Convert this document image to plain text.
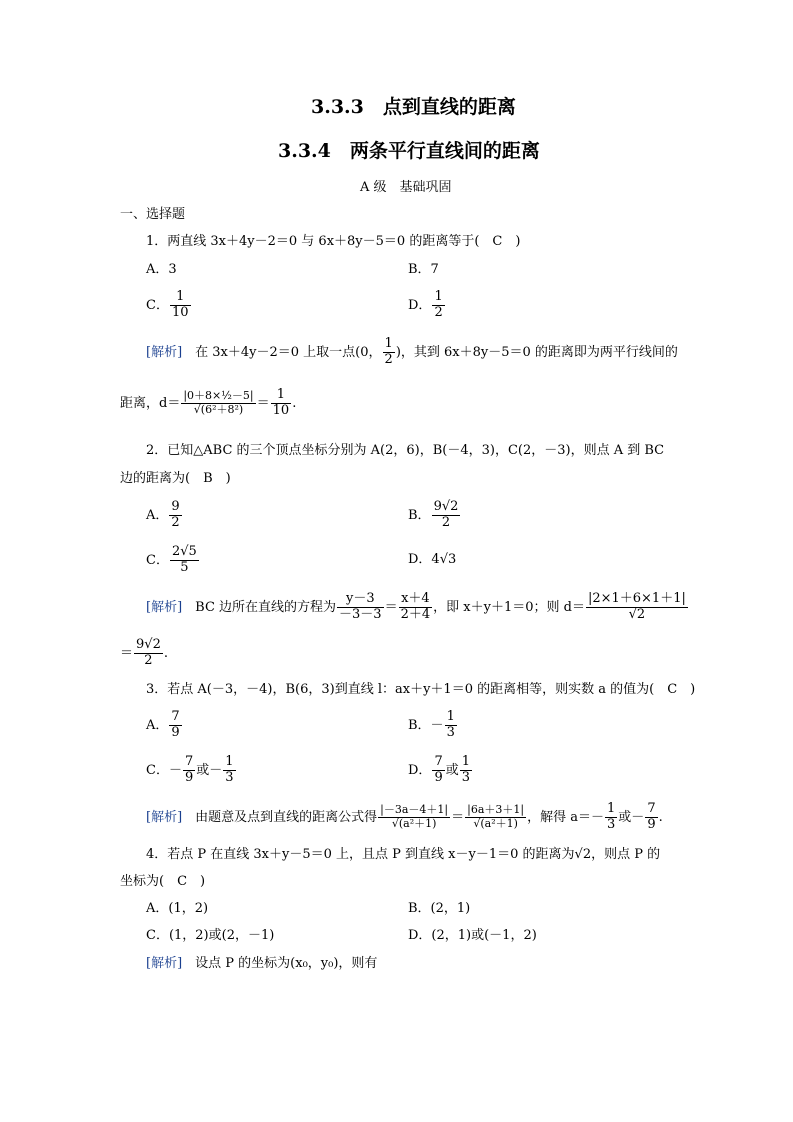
3.3.3　 点到直线的距离
3.3.4　 两条平行直线间的距离
A 级　基础巩固
一、选择题
1．两直线 3x＋4y－2＝0 与 6x＋8y－5＝0 的距离等于(　C　)
A．3	B．7
C． $\frac{1}{10}$	D． $\frac{1}{2}$
[解析]　在 3x＋4y－2＝0 上取一点(0， $\frac{1}{2}$ )，其到 6x＋8y－5＝0 的距离即为两平行线间的
距离，$d= \frac{\text{|0＋8×½－5|}}{\text{√(6²＋8²)}} = \frac{1}{10}$ .
2．已知△ABC 的三个顶点坐标分别为 A(2，6)，B(－4，3)，C(2，－3)，则点 A 到 BC
边的距离为(　B　)
A． $\frac{9}{2}$	B． $\frac{9√2}{2}$
C． $\frac{2√5}{5}$	D．4√3
[解析]　BC 边所在直线的方程为 $\frac{y-3}{-3-3} = \frac{x+4}{2+4}$ ，即 x＋y＋1＝0；则 $d= \frac{|2\times 1+6\times 1+1|}{√2}$
＝ $\frac{9√2}{2}$ .
3．若点 A(－3，－4)，B(6，3)到直线 l：ax＋y＋1＝0 的距离相等，则实数 a 的值为(　C　)
A． $\frac{7}{9}$	B．－ $\frac{1}{3}$
C．－ $\frac{7}{9}$ 或－ $\frac{1}{3}$	D． $\frac{7}{9}$ 或 $\frac{1}{3}$
[解析]　由题意及点到直线的距离公式得 $\frac{|-3a-4+1|}{\text{√(a²＋1)}} = \frac{|6a+3+1|}{\text{√(a²＋1)}}$ ，解得 $a=- \frac{1}{3}$ 或－ $\frac{7}{9}$ .
4．若点 P 在直线 3x＋y－5＝0 上，且点 P 到直线 x－y－1＝0 的距离为√2，则点 P 的
坐标为(　C　)
A．(1，2)	B．(2，1)
C．(1，2)或(2，－1)	D．(2，1)或(－1，2)
[解析]　设点 P 的坐标为(x₀，y₀)，则有
